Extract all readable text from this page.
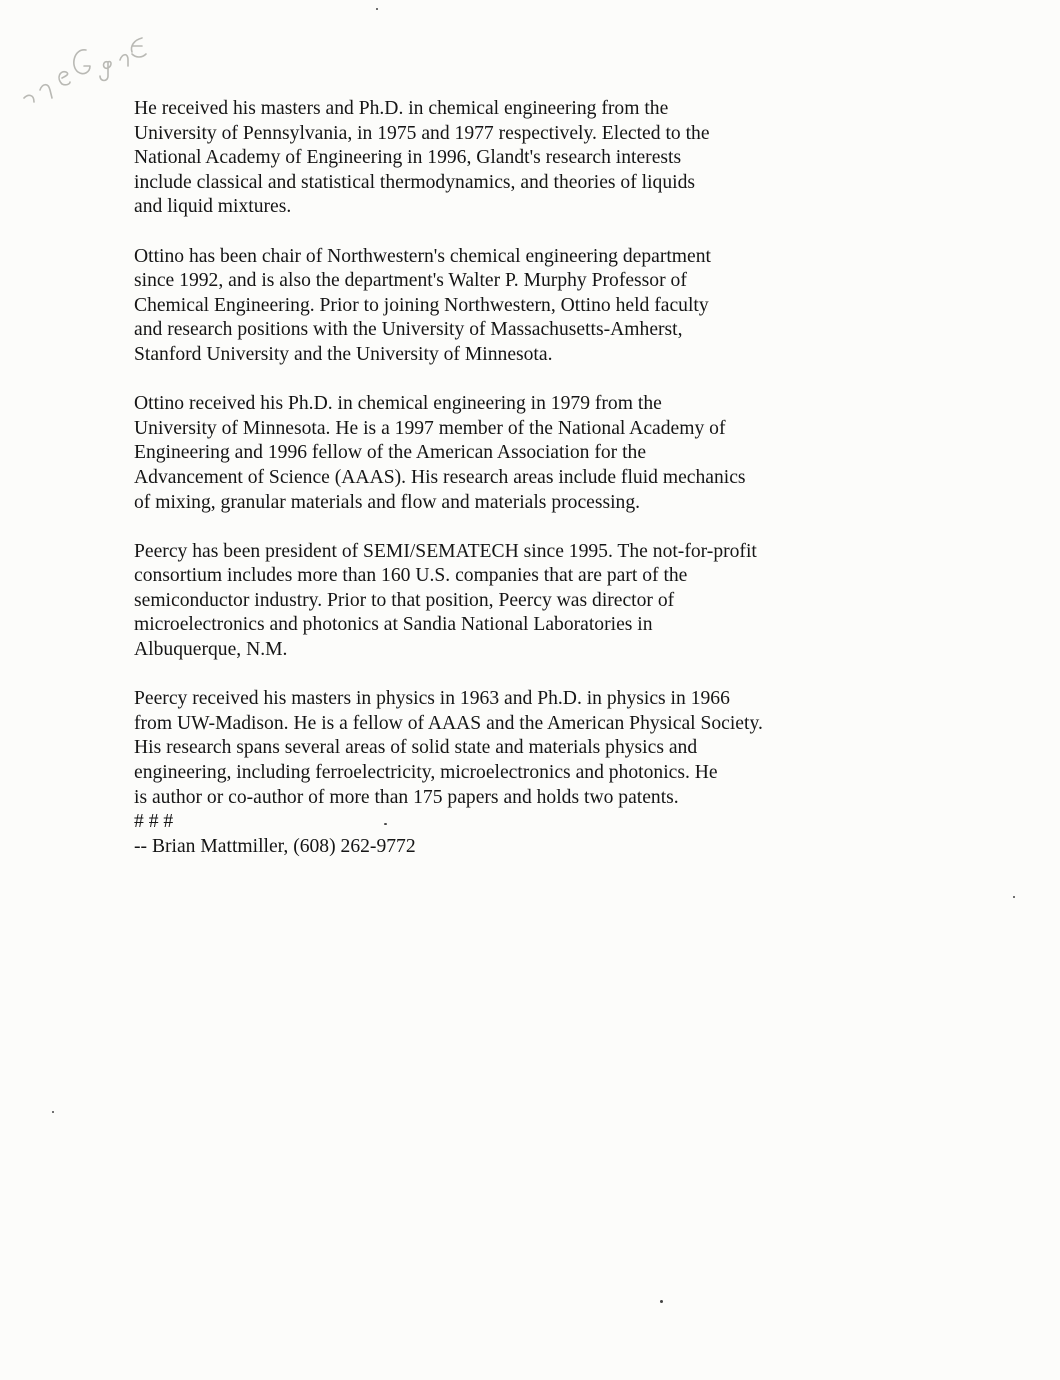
He received his masters and Ph.D. in chemical engineering from the
University of Pennsylvania, in 1975 and 1977 respectively. Elected to the
National Academy of Engineering in 1996, Glandt's research interests
include classical and statistical thermodynamics, and theories of liquids
and liquid mixtures.
Ottino has been chair of Northwestern's chemical engineering department
since 1992, and is also the department's Walter P. Murphy Professor of
Chemical Engineering. Prior to joining Northwestern, Ottino held faculty
and research positions with the University of Massachusetts-Amherst,
Stanford University and the University of Minnesota.
Ottino received his Ph.D. in chemical engineering in 1979 from the
University of Minnesota. He is a 1997 member of the National Academy of
Engineering and 1996 fellow of the American Association for the
Advancement of Science (AAAS). His research areas include fluid mechanics
of mixing, granular materials and flow and materials processing.
Peercy has been president of SEMI/SEMATECH since 1995. The not-for-profit
consortium includes more than 160 U.S. companies that are part of the
semiconductor industry. Prior to that position, Peercy was director of
microelectronics and photonics at Sandia National Laboratories in
Albuquerque, N.M.
Peercy received his masters in physics in 1963 and Ph.D. in physics in 1966
from UW-Madison. He is a fellow of AAAS and the American Physical Society.
His research spans several areas of solid state and materials physics and
engineering, including ferroelectricity, microelectronics and photonics. He
is author or co-author of more than 175 papers and holds two patents.
# # #
-- Brian Mattmiller, (608) 262-9772
